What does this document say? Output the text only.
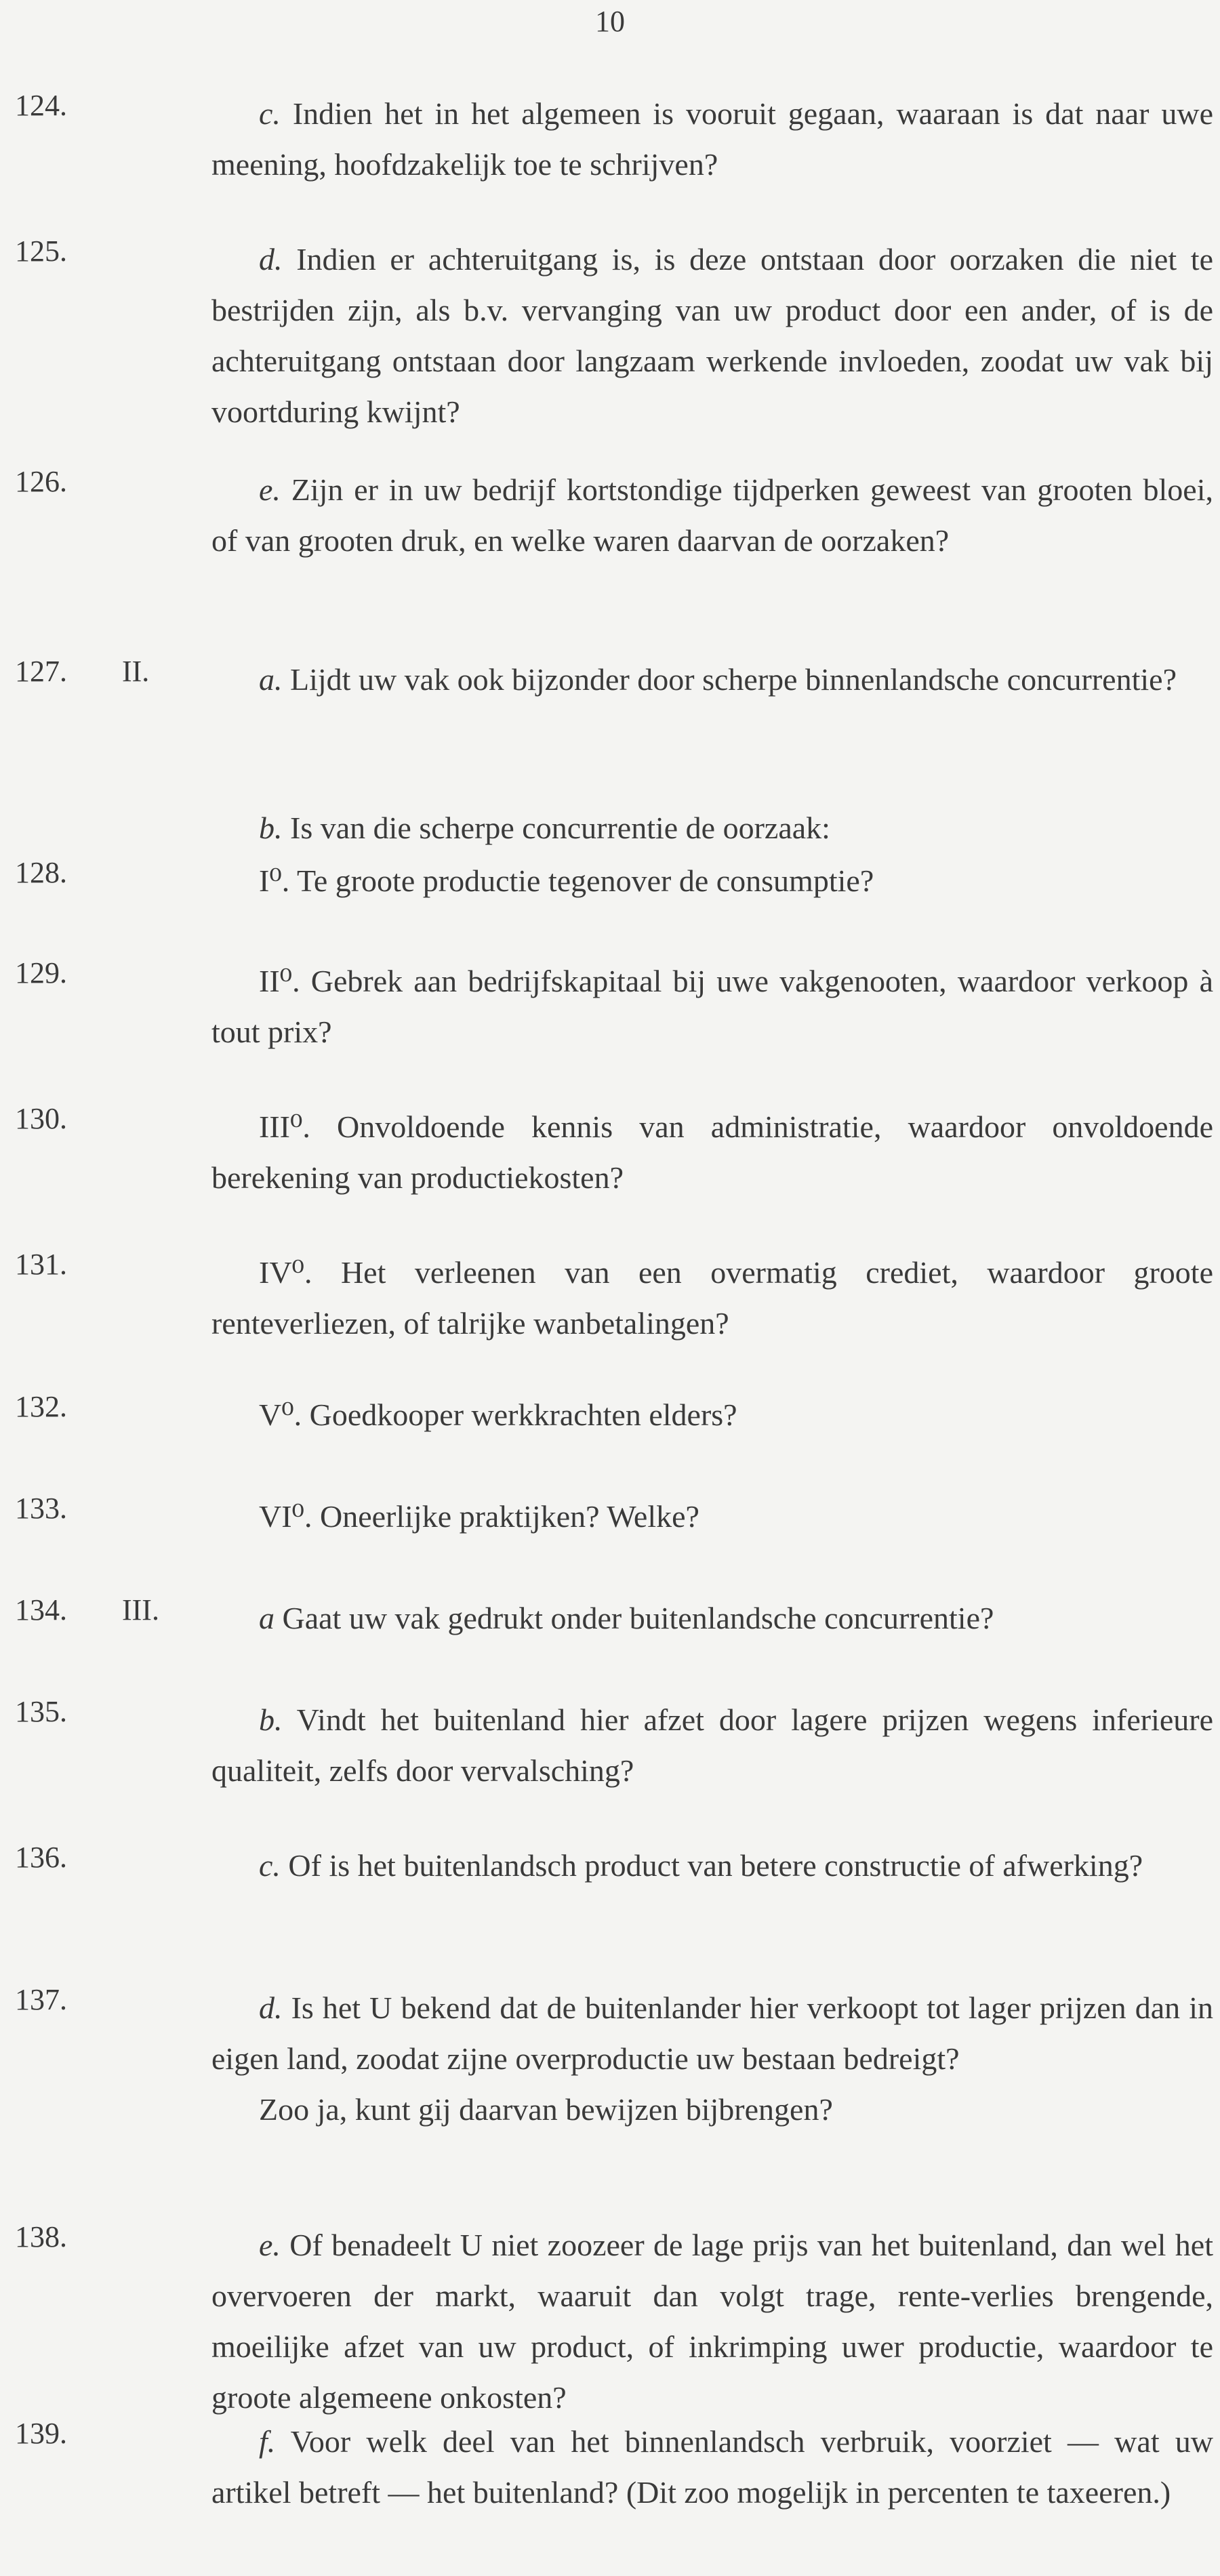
10
124.	c. Indien het in het algemeen is vooruit gegaan, waaraan is dat naar uwe meening, hoofdzakelijk toe te schrijven?
125.	d. Indien er achteruitgang is, is deze ontstaan door oorzaken die niet te bestrijden zijn, als b.v. vervanging van uw product door een ander, of is de achteruitgang ontstaan door langzaam werkende invloeden, zoodat uw vak bij voortduring kwijnt?
126.	e. Zijn er in uw bedrijf kortstondige tijdperken geweest van grooten bloei, of van grooten druk, en welke waren daarvan de oorzaken?
127. II.	a. Lijdt uw vak ook bijzonder door scherpe binnenlandsche concurrentie?
b. Is van die scherpe concurrentie de oorzaak:
128.	I⁰. Te groote productie tegenover de consumptie?
129.	II⁰. Gebrek aan bedrijfskapitaal bij uwe vakgenooten, waardoor verkoop à tout prix?
130.	III⁰. Onvoldoende kennis van administratie, waardoor onvoldoende berekening van productiekosten?
131.	IV⁰. Het verleenen van een overmatig crediet, waardoor groote renteverliezen, of talrijke wanbetalingen?
132.	V⁰. Goedkooper werkkrachten elders?
133.	VI⁰. Oneerlijke praktijken? Welke?
134. III.	a Gaat uw vak gedrukt onder buitenlandsche concurrentie?
135.	b. Vindt het buitenland hier afzet door lagere prijzen wegens inferieure qualiteit, zelfs door vervalsching?
136.	c. Of is het buitenlandsch product van betere constructie of afwerking?
137.	d. Is het U bekend dat de buitenlander hier verkoopt tot lager prijzen dan in eigen land, zoodat zijne overproductie uw bestaan bedreigt?
Zoo ja, kunt gij daarvan bewijzen bijbrengen?
138.	e. Of benadeelt U niet zoozeer de lage prijs van het buitenland, dan wel het overvoeren der markt, waaruit dan volgt trage, rente-verlies brengende, moeilijke afzet van uw product, of inkrimping uwer productie, waardoor te groote algemeene onkosten?
139.	f. Voor welk deel van het binnenlandsch verbruik, voorziet — wat uw artikel betreft — het buitenland? (Dit zoo mogelijk in percenten te taxeeren.)
